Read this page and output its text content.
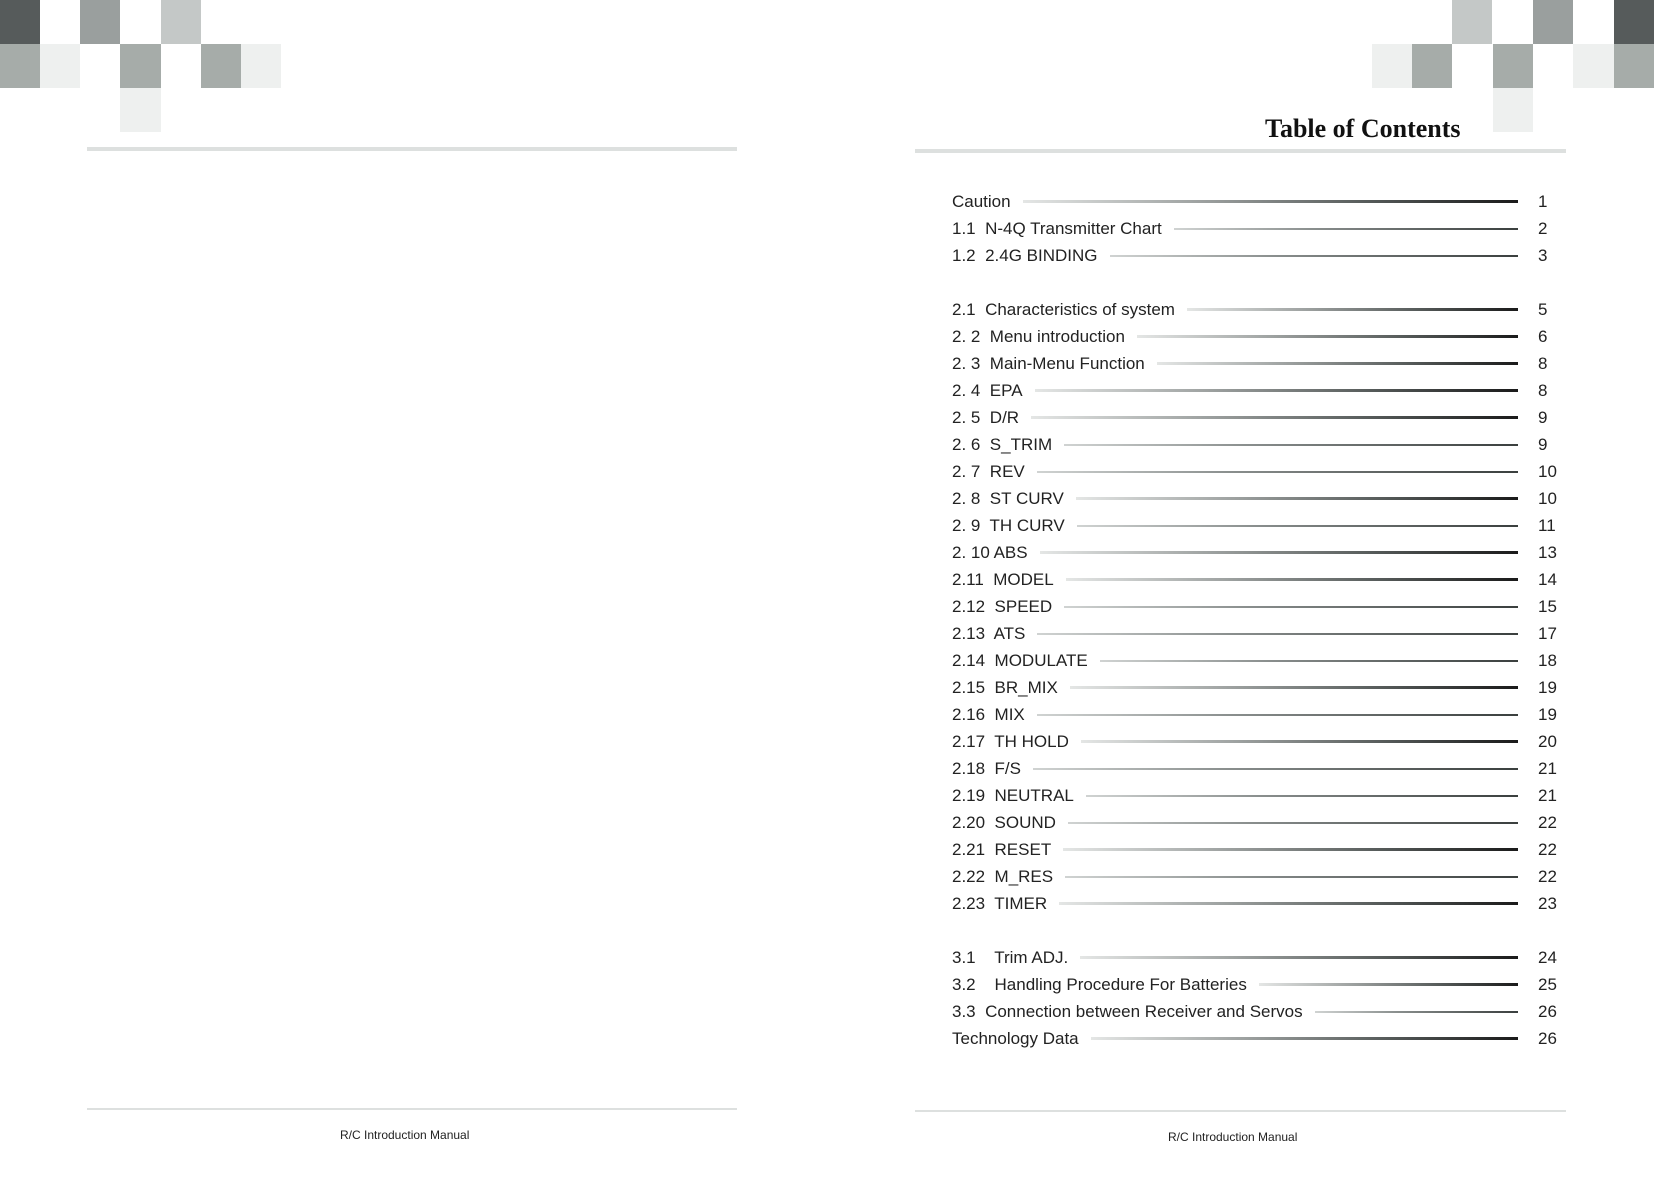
R/C Introduction Manual
Table of Contents
R/C Introduction Manual
Caution	1
1.1  N-4Q Transmitter Chart	2
1.2  2.4G BINDING	3
2.1  Characteristics of system	5
2. 2  Menu introduction	6
2. 3  Main-Menu Function	8
2. 4  EPA	8
2. 5  D/R	9
2. 6  S_TRIM	9
2. 7  REV	10
2. 8  ST CURV	10
2. 9  TH CURV	11
2. 10 ABS	13
2.11  MODEL	14
2.12  SPEED	15
2.13  ATS	17
2.14  MODULATE	18
2.15  BR_MIX	19
2.16  MIX	19
2.17  TH HOLD	20
2.18  F/S	21
2.19  NEUTRAL	21
2.20  SOUND	22
2.21  RESET	22
2.22  M_RES	22
2.23  TIMER	23
3.1    Trim ADJ.	24
3.2    Handling Procedure For Batteries	25
3.3  Connection between Receiver and Servos	26
Technology Data	26
